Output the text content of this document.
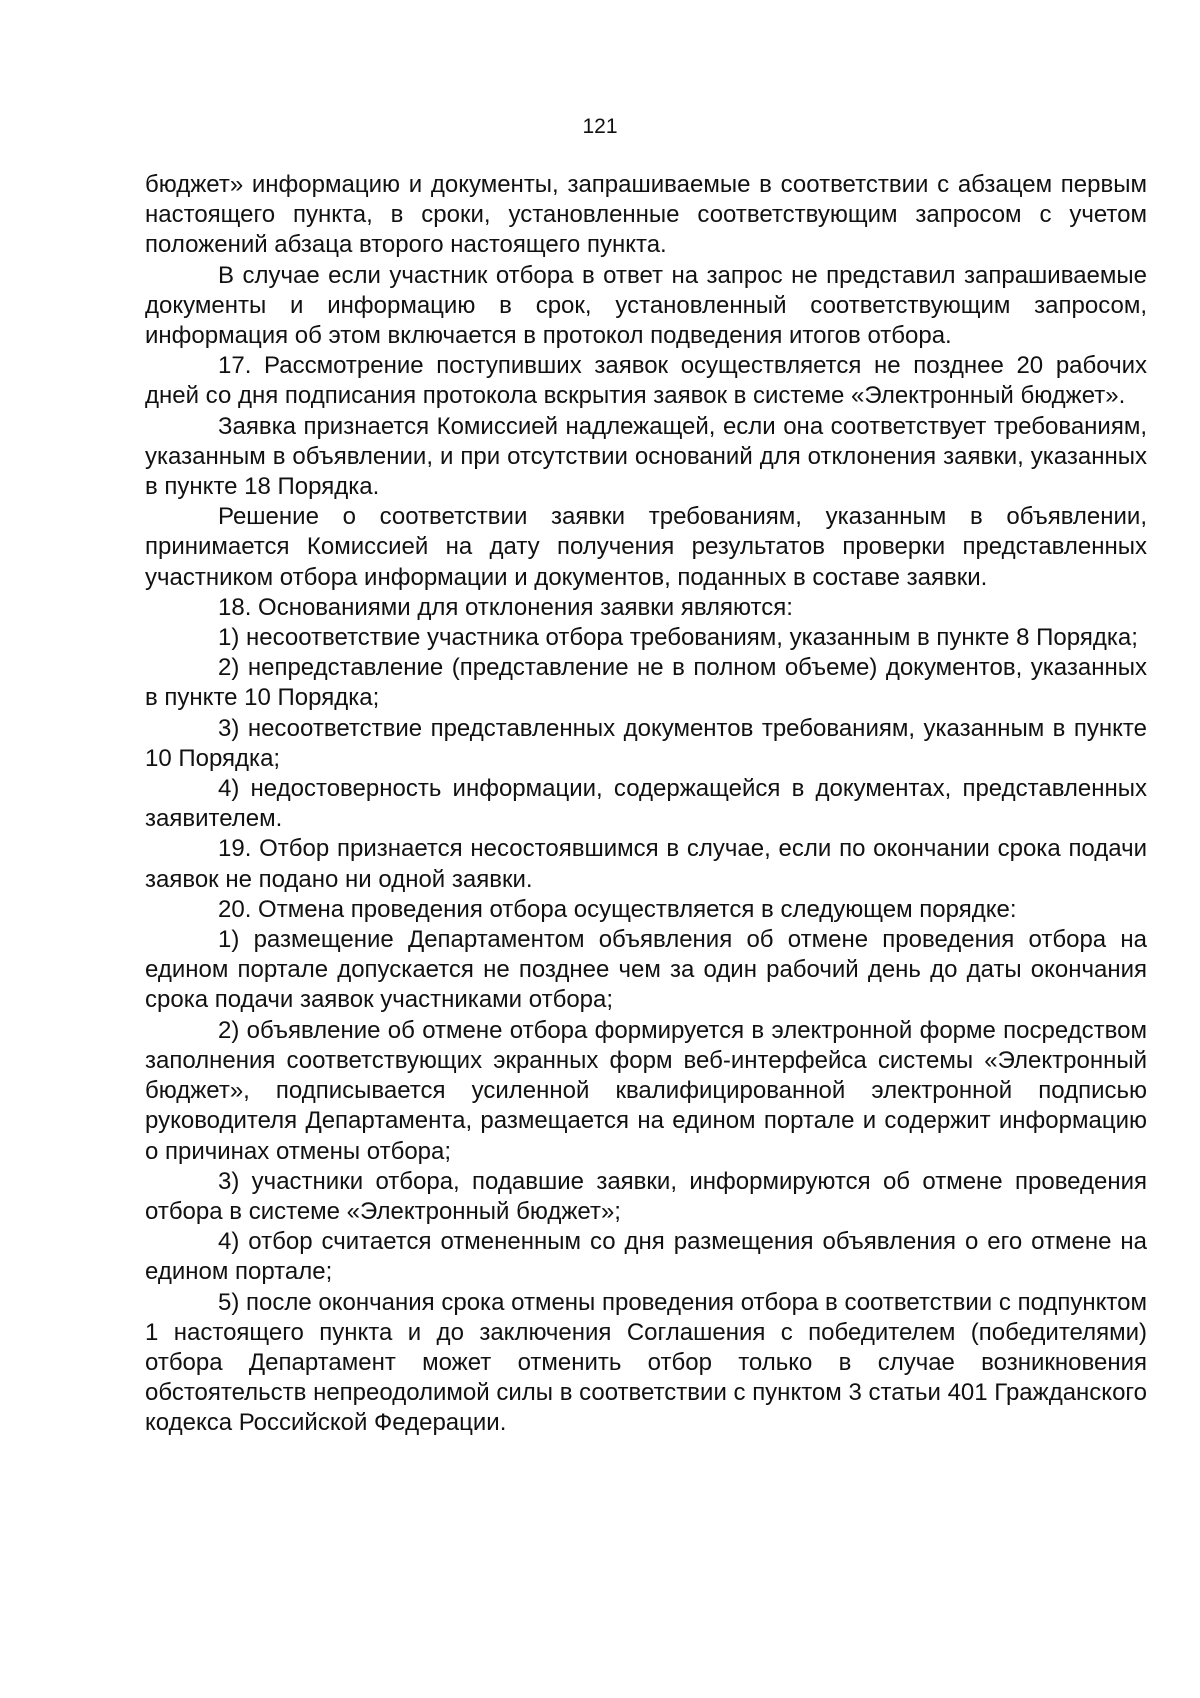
121

бюджет» информацию и документы, запрашиваемые в соответствии с абзацем первым настоящего пункта, в сроки, установленные соответствующим запросом с учетом положений абзаца второго настоящего пункта.

В случае если участник отбора в ответ на запрос не представил запрашиваемые документы и информацию в срок, установленный соответствующим запросом, информация об этом включается в протокол подведения итогов отбора.

17. Рассмотрение поступивших заявок осуществляется не позднее 20 рабочих дней со дня подписания протокола вскрытия заявок в системе «Электронный бюджет».

Заявка признается Комиссией надлежащей, если она соответствует требованиям, указанным в объявлении, и при отсутствии оснований для отклонения заявки, указанных в пункте 18 Порядка.

Решение о соответствии заявки требованиям, указанным в объявлении, принимается Комиссией на дату получения результатов проверки представленных участником отбора информации и документов, поданных в составе заявки.

18. Основаниями для отклонения заявки являются:

1) несоответствие участника отбора требованиям, указанным в пункте 8 Порядка;

2) непредставление (представление не в полном объеме) документов, указанных в пункте 10 Порядка;

3) несоответствие представленных документов требованиям, указанным в пункте 10 Порядка;

4) недостоверность информации, содержащейся в документах, представленных заявителем.

19. Отбор признается несостоявшимся в случае, если по окончании срока подачи заявок не подано ни одной заявки.

20. Отмена проведения отбора осуществляется в следующем порядке:

1) размещение Департаментом объявления об отмене проведения отбора на едином портале допускается не позднее чем за один рабочий день до даты окончания срока подачи заявок участниками отбора;

2) объявление об отмене отбора формируется в электронной форме посредством заполнения соответствующих экранных форм веб-интерфейса системы «Электронный бюджет», подписывается усиленной квалифицированной электронной подписью руководителя Департамента, размещается на едином портале и содержит информацию о причинах отмены отбора;

3) участники отбора, подавшие заявки, информируются об отмене проведения отбора в системе «Электронный бюджет»;

4) отбор считается отмененным со дня размещения объявления о его отмене на едином портале;

5) после окончания срока отмены проведения отбора в соответствии с подпунктом 1 настоящего пункта и до заключения Соглашения с победителем (победителями) отбора Департамент может отменить отбор только в случае возникновения обстоятельств непреодолимой силы в соответствии с пунктом 3 статьи 401 Гражданского кодекса Российской Федерации.
